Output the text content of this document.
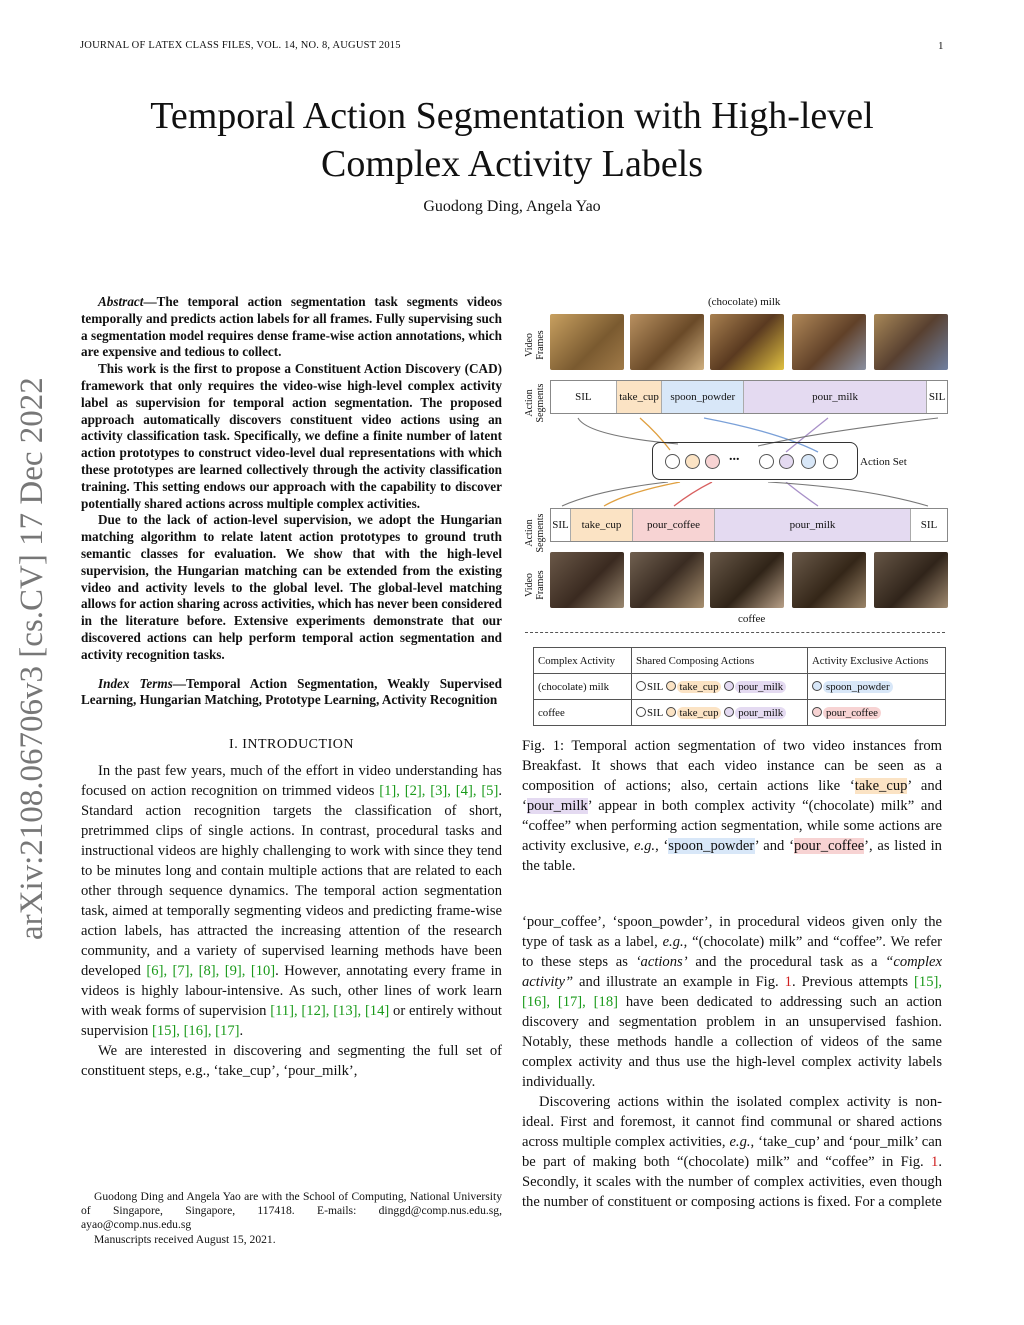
JOURNAL OF LATEX CLASS FILES, VOL. 14, NO. 8, AUGUST 2015	1
arXiv:2108.06706v3 [cs.CV] 17 Dec 2022
Temporal Action Segmentation with High-level
Complex Activity Labels
Guodong Ding, Angela Yao

Abstract—The temporal action segmentation task segments videos temporally and predicts action labels for all frames. Fully supervising such a segmentation model requires dense frame-wise action annotations, which are expensive and tedious to collect.

This work is the first to propose a Constituent Action Discovery (CAD) framework that only requires the video-wise high-level complex activity label as supervision for temporal action segmentation. The proposed approach automatically discovers constituent video actions using an activity classification task. Specifically, we define a finite number of latent action prototypes to construct video-level dual representations with which these prototypes are learned collectively through the activity classification training. This setting endows our approach with the capability to discover potentially shared actions across multiple complex activities.

Due to the lack of action-level supervision, we adopt the Hungarian matching algorithm to relate latent action prototypes to ground truth semantic classes for evaluation. We show that with the high-level supervision, the Hungarian matching can be extended from the existing video and activity levels to the global level. The global-level matching allows for action sharing across activities, which has never been considered in the literature before. Extensive experiments demonstrate that our discovered actions can help perform temporal action segmentation and activity recognition tasks.

Index Terms—Temporal Action Segmentation, Weakly Supervised Learning, Hungarian Matching, Prototype Learning, Activity Recognition
I. INTRODUCTION

In the past few years, much of the effort in video understanding has focused on action recognition on trimmed videos [1], [2], [3], [4], [5]. Standard action recognition targets the classification of short, pretrimmed clips of single actions. In contrast, procedural tasks and instructional videos are highly challenging to work with since they tend to be minutes long and contain multiple actions that are related to each other through sequence dynamics. The temporal action segmentation task, aimed at temporally segmenting videos and predicting frame-wise action labels, has attracted the increasing attention of the research community, and a variety of supervised learning methods have been developed [6], [7], [8], [9], [10]. However, annotating every frame in videos is highly labour-intensive. As such, other lines of work learn with weak forms of supervision [11], [12], [13], [14] or entirely without supervision [15], [16], [17].

We are interested in discovering and segmenting the full set of constituent steps, e.g., ‘take_cup’, ‘pour_milk’,

Guodong Ding and Angela Yao are with the School of Computing, National University of Singapore, Singapore, 117418. E-mails: dinggd@comp.nus.edu.sg, ayao@comp.nus.edu.sg

Manuscripts received August 15, 2021.

(chocolate) milk
Video Frames
Action Segments	SIL	take_cup	spoon_powder	pour_milk	SIL
...	Action Set
Action Segments SIL	take_cup	pour_coffee	pour_milk	SIL
Video Frames
coffee
Complex Activity	Shared Composing Actions	Activity Exclusive Actions
(chocolate) milk	SIL take_cup pour_milk	spoon_powder
coffee	SIL take_cup pour_milk	pour_coffee
Fig. 1: Temporal action segmentation of two video instances from Breakfast. It shows that each video instance can be seen as a composition of actions; also, certain actions like ‘take_cup’ and ‘pour_milk’ appear in both complex activity “(chocolate) milk” and “coffee” when performing action segmentation, while some actions are activity exclusive, e.g., ‘spoon_powder’ and ‘pour_coffee’, as listed in the table.

‘pour_coffee’, ‘spoon_powder’, in procedural videos given only the type of task as a label, e.g., “(chocolate) milk” and “coffee”. We refer to these steps as ‘actions’ and the procedural task as a “complex activity” and illustrate an example in Fig. 1. Previous attempts [15], [16], [17], [18] have been dedicated to addressing such an action discovery and segmentation problem in an unsupervised fashion. Notably, these methods handle a collection of videos of the same complex activity and thus use the high-level complex activity labels individually.

Discovering actions within the isolated complex activity is non-ideal. First and foremost, it cannot find communal or shared actions across multiple complex activities, e.g., ‘take_cup’ and ‘pour_milk’ can be part of making both “(chocolate) milk” and “coffee” in Fig. 1. Secondly, it scales with the number of complex activities, even though the number of constituent or composing actions is fixed. For a complete
